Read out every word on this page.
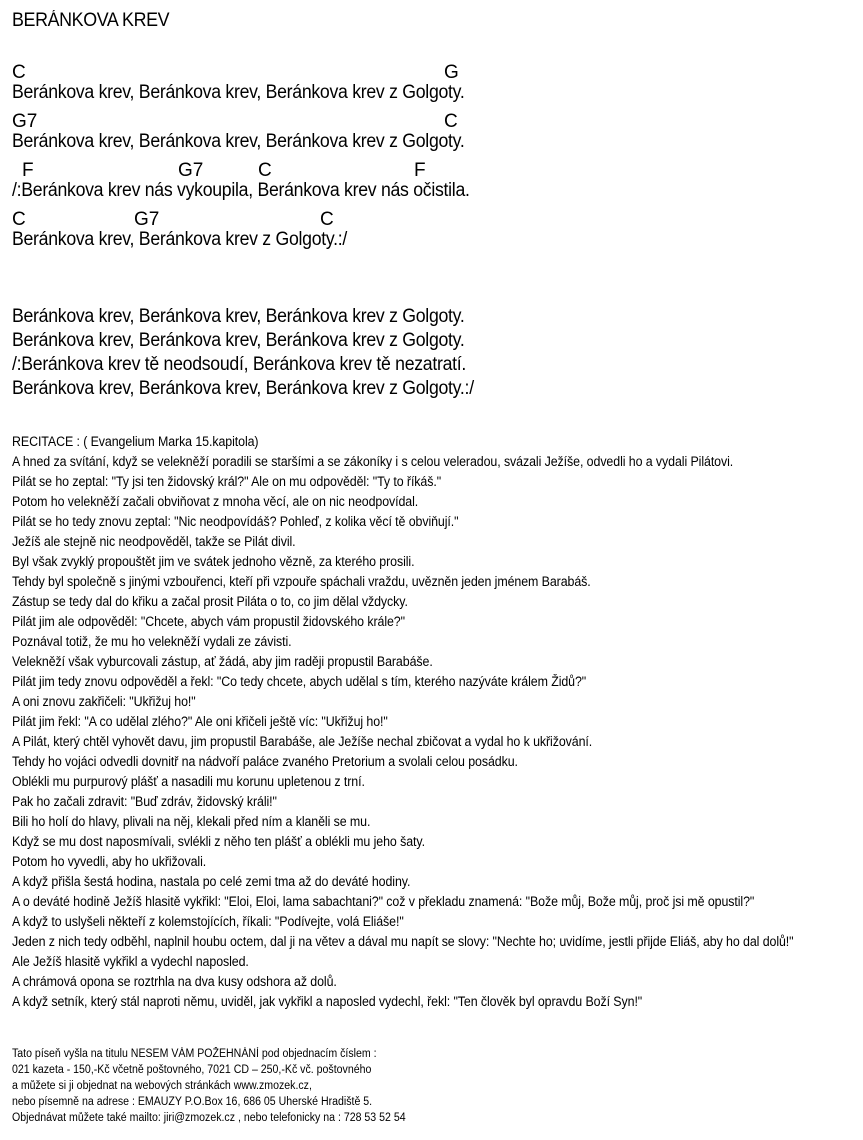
BERÁNKOVA KREV
C	G
Beránkova krev, Beránkova krev, Beránkova krev z Golgoty.
G7	C
Beránkova krev, Beránkova krev, Beránkova krev z Golgoty.
F	G7	C	F
/:Beránkova krev nás vykoupila, Beránkova krev nás očistila.
C	G7	C
Beránkova krev, Beránkova krev z Golgoty.:/
Beránkova krev, Beránkova krev, Beránkova krev z Golgoty.
Beránkova krev, Beránkova krev, Beránkova krev z Golgoty.
/:Beránkova krev tě neodsoudí, Beránkova krev tě nezatratí.
Beránkova krev, Beránkova krev, Beránkova krev z Golgoty.:/
RECITACE : ( Evangelium Marka 15.kapitola)
A hned za svítání, když se velekněží poradili se staršími a se zákoníky i s celou veleradou, svázali Ježíše, odvedli ho a vydali Pilátovi.
Pilát se ho zeptal: "Ty jsi ten židovský král?" Ale on mu odpověděl: "Ty to říkáš."
Potom ho velekněží začali obviňovat z mnoha věcí, ale on nic neodpovídal.
Pilát se ho tedy znovu zeptal: "Nic neodpovídáš? Pohleď, z kolika věcí tě obviňují."
Ježíš ale stejně nic neodpověděl, takže se Pilát divil.
Byl však zvyklý propouštět jim ve svátek jednoho vězně, za kterého prosili.
Tehdy byl společně s jinými vzbouřenci, kteří při vzpouře spáchali vraždu, uvězněn jeden jménem Barabáš.
Zástup se tedy dal do křiku a začal prosit Piláta o to, co jim dělal vždycky.
Pilát jim ale odpověděl: "Chcete, abych vám propustil židovského krále?"
Poznával totiž, že mu ho velekněží vydali ze závisti.
Velekněží však vyburcovali zástup, ať žádá, aby jim raději propustil Barabáše.
Pilát jim tedy znovu odpověděl a řekl: "Co tedy chcete, abych udělal s tím, kterého nazýváte králem Židů?"
A oni znovu zakřičeli: "Ukřižuj ho!"
Pilát jim řekl: "A co udělal zlého?" Ale oni křičeli ještě víc: "Ukřižuj ho!"
A Pilát, který chtěl vyhovět davu, jim propustil Barabáše, ale Ježíše nechal zbičovat a vydal ho k ukřižování.
Tehdy ho vojáci odvedli dovnitř na nádvoří paláce zvaného Pretorium a svolali celou posádku.
Oblékli mu purpurový plášť a nasadili mu korunu upletenou z trní.
Pak ho začali zdravit: "Buď zdráv, židovský králi!"
Bili ho holí do hlavy, plivali na něj, klekali před ním a klaněli se mu.
Když se mu dost naposmívali, svlékli z něho ten plášť a oblékli mu jeho šaty.
Potom ho vyvedli, aby ho ukřižovali.
A když přišla šestá hodina, nastala po celé zemi tma až do deváté hodiny.
A o deváté hodině Ježíš hlasitě vykřikl: "Eloi, Eloi, lama sabachtani?" což v překladu znamená: "Bože můj, Bože můj, proč jsi mě opustil?"
A když to uslyšeli někteří z kolemstojících, říkali: "Podívejte, volá Eliáše!"
Jeden z nich tedy odběhl, naplnil houbu octem, dal ji na větev a dával mu napít se slovy: "Nechte ho; uvidíme, jestli přijde Eliáš, aby ho dal dolů!"
Ale Ježíš hlasitě vykřikl a vydechl naposled.
A chrámová opona se roztrhla na dva kusy odshora až dolů.
A když setník, který stál naproti němu, uviděl, jak vykřikl a naposled vydechl, řekl: "Ten člověk byl opravdu Boží Syn!"
Tato píseň vyšla na titulu NESEM VÁM POŽEHNÁNÍ pod objednacím číslem :
021 kazeta - 150,-Kč včetně poštovného, 7021 CD – 250,-Kč vč. poštovného
a můžete si ji objednat na webových stránkách www.zmozek.cz,
nebo písemně na adrese : EMAUZY P.O.Box 16, 686 05 Uherské Hradiště 5.
Objednávat můžete také mailto: jiri@zmozek.cz , nebo telefonicky na : 728 53 52 54
